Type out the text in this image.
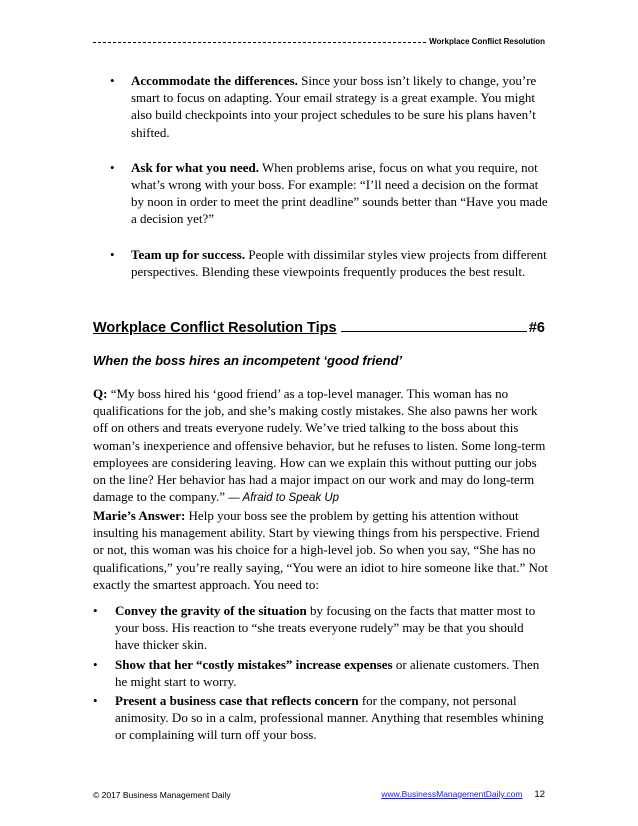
Workplace Conflict Resolution
• Accommodate the differences. Since your boss isn’t likely to change, you’re smart to focus on adapting. Your email strategy is a great example. You might also build checkpoints into your project schedules to be sure his plans haven’t shifted.
• Ask for what you need. When problems arise, focus on what you require, not what’s wrong with your boss. For example: “I’ll need a decision on the format by noon in order to meet the print deadline” sounds better than “Have you made a decision yet?”
• Team up for success. People with dissimilar styles view projects from different perspectives. Blending these viewpoints frequently produces the best result.
Workplace Conflict Resolution Tips	#6
When the boss hires an incompetent ‘good friend’
Q: “My boss hired his ‘good friend’ as a top-level manager. This woman has no qualifications for the job, and she’s making costly mistakes. She also pawns her work off on others and treats everyone rudely. We’ve tried talking to the boss about this woman’s inexperience and offensive behavior, but he refuses to listen. Some long-term employees are considering leaving. How can we explain this without putting our jobs on the line? Her behavior has had a major impact on our work and may do long-term damage to the company.” — Afraid to Speak Up
Marie’s Answer: Help your boss see the problem by getting his attention without insulting his management ability. Start by viewing things from his perspective. Friend or not, this woman was his choice for a high-level job. So when you say, “She has no qualifications,” you’re really saying, “You were an idiot to hire someone like that.” Not exactly the smartest approach. You need to:
• Convey the gravity of the situation by focusing on the facts that matter most to your boss. His reaction to “she treats everyone rudely” may be that you should have thicker skin.
• Show that her “costly mistakes” increase expenses or alienate customers. Then he might start to worry.
• Present a business case that reflects concern for the company, not personal animosity. Do so in a calm, professional manner. Anything that resembles whining or complaining will turn off your boss.
© 2017 Business Management Daily	www.BusinessManagementDaily.com 12
